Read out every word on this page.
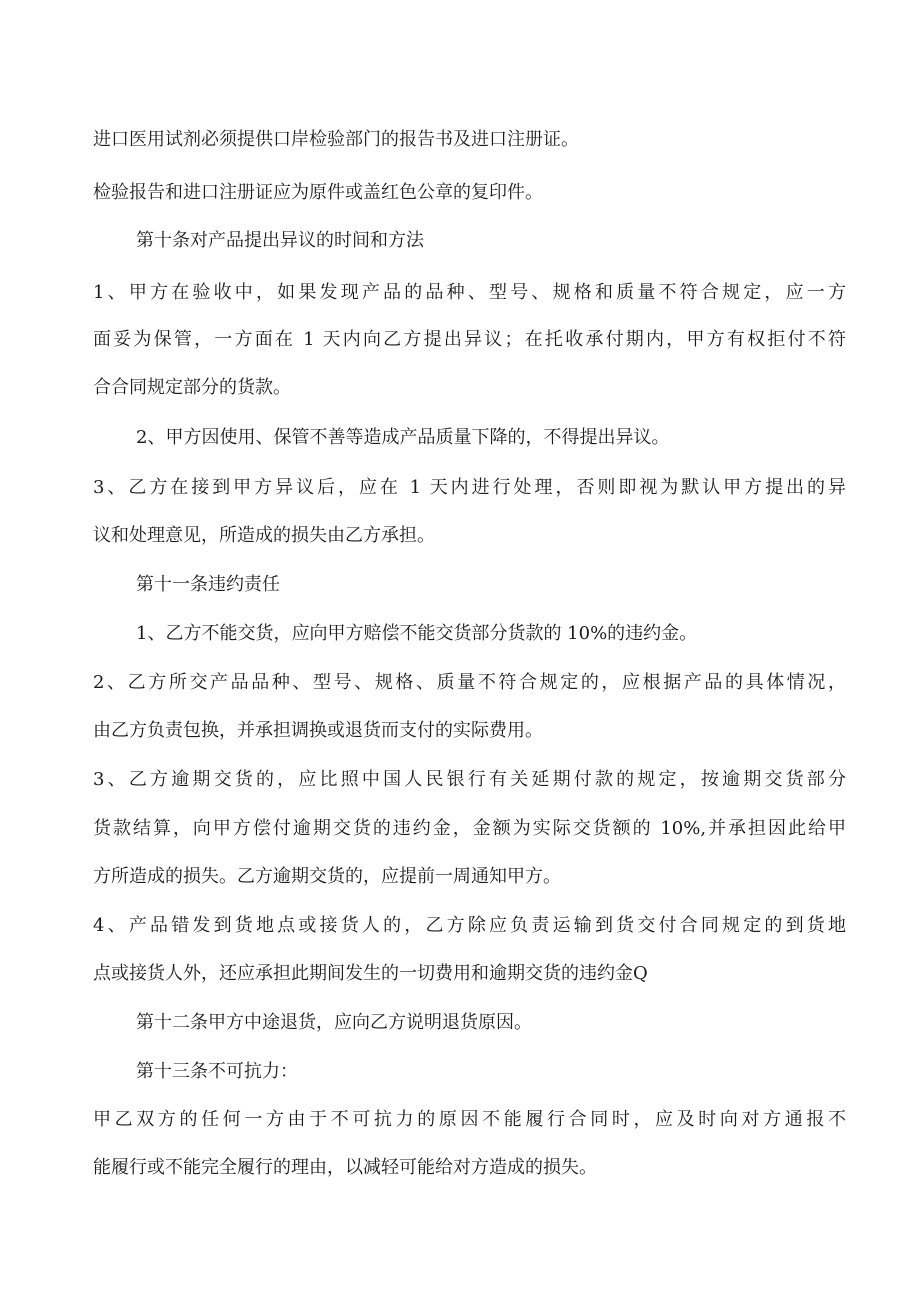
进口医用试剂必须提供口岸检验部门的报告书及进口注册证。
检验报告和进口注册证应为原件或盖红色公章的复印件。
第十条对产品提出异议的时间和方法
1、甲方在验收中，如果发现产品的品种、型号、规格和质量不符合规定，应一方
面妥为保管，一方面在 1 天内向乙方提出异议；在托收承付期内，甲方有权拒付不符
合合同规定部分的货款。
2、甲方因使用、保管不善等造成产品质量下降的，不得提出异议。
3、乙方在接到甲方异议后，应在 1 天内进行处理，否则即视为默认甲方提出的异
议和处理意见，所造成的损失由乙方承担。
第十一条违约责任
1、乙方不能交货，应向甲方赔偿不能交货部分货款的 10%的违约金。
2、乙方所交产品品种、型号、规格、质量不符合规定的，应根据产品的具体情况，
由乙方负责包换，并承担调换或退货而支付的实际费用。
3、乙方逾期交货的，应比照中国人民银行有关延期付款的规定，按逾期交货部分
货款结算，向甲方偿付逾期交货的违约金，金额为实际交货额的 10%,并承担因此给甲
方所造成的损失。乙方逾期交货的，应提前一周通知甲方。
4、产品错发到货地点或接货人的，乙方除应负责运输到货交付合同规定的到货地
点或接货人外，还应承担此期间发生的一切费用和逾期交货的违约金Q
第十二条甲方中途退货，应向乙方说明退货原因。
第十三条不可抗力：
甲乙双方的任何一方由于不可抗力的原因不能履行合同时，应及时向对方通报不
能履行或不能完全履行的理由，以减轻可能给对方造成的损失。
